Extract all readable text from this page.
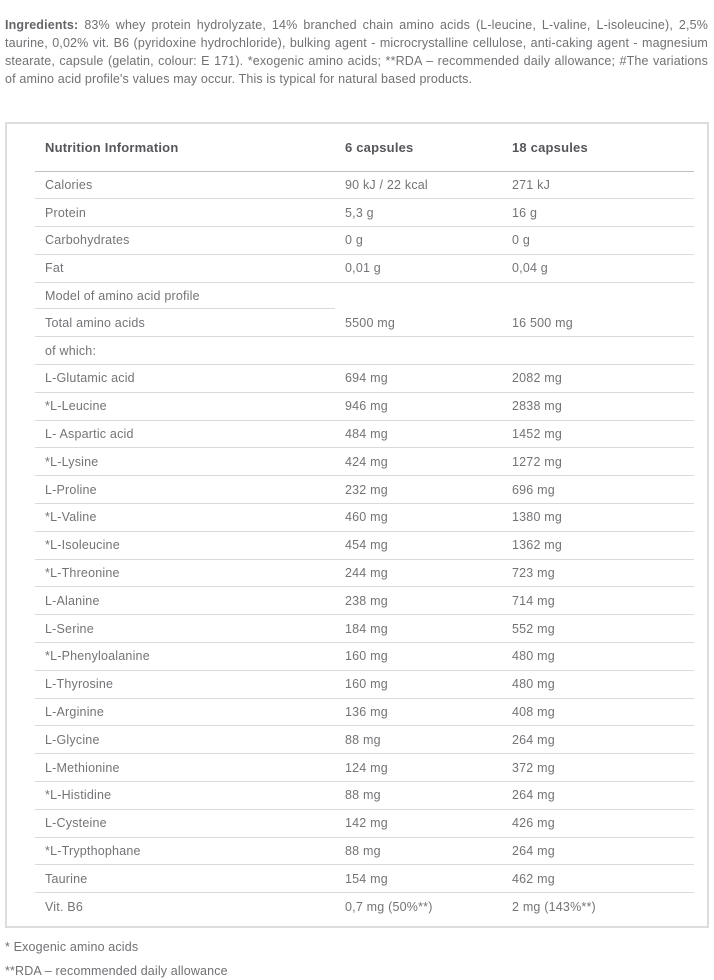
Ingredients: 83% whey protein hydrolyzate, 14% branched chain amino acids (L-leucine, L-valine, L-isoleucine), 2,5% taurine, 0,02% vit. B6 (pyridoxine hydrochloride), bulking agent - microcrystalline cellulose, anti-caking agent - magnesium stearate, capsule (gelatin, colour: E 171). *exogenic amino acids; **RDA – recommended daily allowance; #The variations of amino acid profile's values may occur. This is typical for natural based products.

Nutrition Information	6 capsules	18 capsules
Calories	90 kJ / 22 kcal	271 kJ
Protein	5,3 g	16 g
Carbohydrates	0 g	0 g
Fat	0,01 g	0,04 g
Model of amino acid profile
Total amino acids	5500 mg	16 500 mg
of which:
L-Glutamic acid	694 mg	2082 mg
*L-Leucine	946 mg	2838 mg
L- Aspartic acid	484 mg	1452 mg
*L-Lysine	424 mg	1272 mg
L-Proline	232 mg	696 mg
*L-Valine	460 mg	1380 mg
*L-Isoleucine	454 mg	1362 mg
*L-Threonine	244 mg	723 mg
L-Alanine	238 mg	714 mg
L-Serine	184 mg	552 mg
*L-Phenyloalanine	160 mg	480 mg
L-Thyrosine	160 mg	480 mg
L-Arginine	136 mg	408 mg
L-Glycine	88 mg	264 mg
L-Methionine	124 mg	372 mg
*L-Histidine	88 mg	264 mg
L-Cysteine	142 mg	426 mg
*L-Trypthophane	88 mg	264 mg
Taurine	154 mg	462 mg
Vit. B6	0,7 mg (50%**)	2 mg (143%**)
* Exogenic amino acids
**RDA – recommended daily allowance
